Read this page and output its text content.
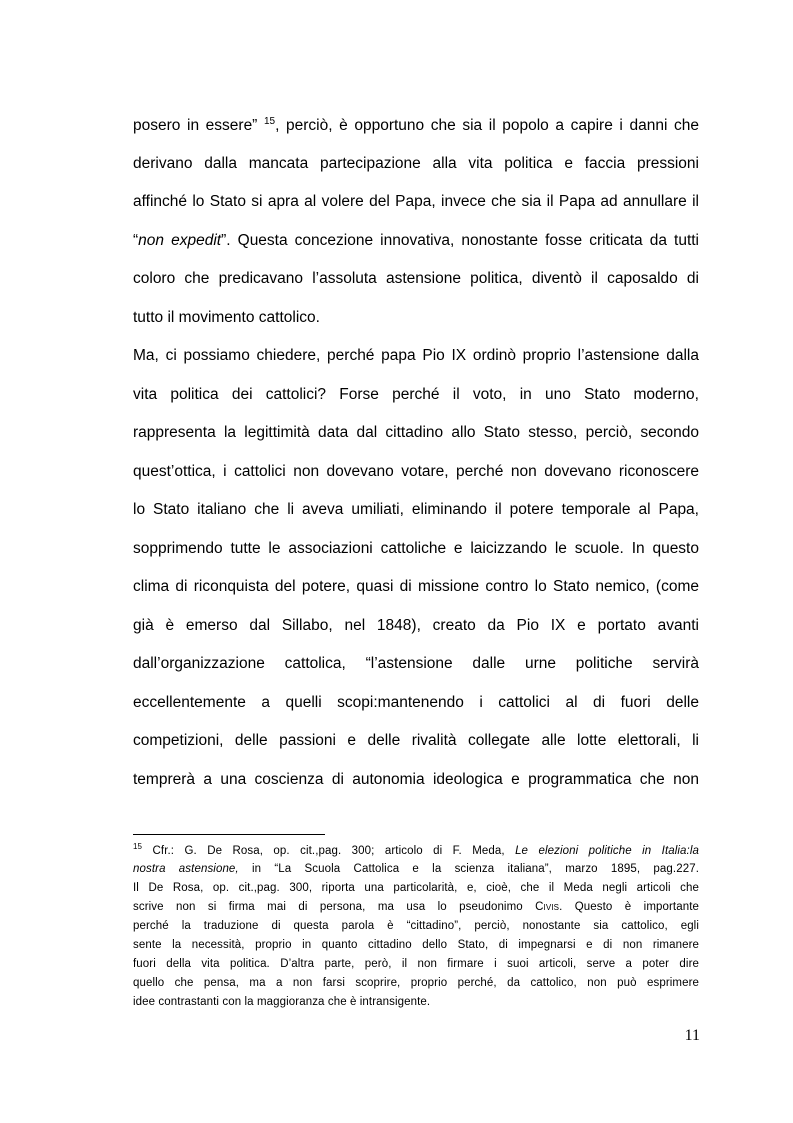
posero in essere” $^{15}$, perciò, è opportuno che sia il popolo a capire i danni che
derivano dalla mancata partecipazione alla vita politica e faccia pressioni
affinché lo Stato si apra al volere del Papa, invece che sia il Papa ad annullare il
“non expedit”. Questa concezione innovativa, nonostante fosse criticata da tutti
coloro che predicavano l’assoluta astensione politica, diventò il caposaldo di
tutto il movimento cattolico.
Ma, ci possiamo chiedere, perché papa Pio IX ordinò proprio l’astensione dalla
vita politica dei cattolici? Forse perché il voto, in uno Stato moderno,
rappresenta la legittimità data dal cittadino allo Stato stesso, perciò, secondo
quest’ottica, i cattolici non dovevano votare, perché non dovevano riconoscere
lo Stato italiano che li aveva umiliati, eliminando il potere temporale al Papa,
sopprimendo tutte le associazioni cattoliche e laicizzando le scuole. In questo
clima di riconquista del potere, quasi di missione contro lo Stato nemico, (come
già è emerso dal Sillabo, nel 1848), creato da Pio IX e portato avanti
dall’organizzazione cattolica, “l’astensione dalle urne politiche servirà
eccellentemente a quelli scopi:mantenendo i cattolici al di fuori delle
competizioni, delle passioni e delle rivalità collegate alle lotte elettorali, li
temprerà a una coscienza di autonomia ideologica e programmatica che non
$^{15}$ Cfr.: G. De Rosa, op. cit.,pag. 300; articolo di F. Meda, Le elezioni politiche in Italia:la
nostra astensione, in “La Scuola Cattolica e la scienza italiana”, marzo 1895, pag.227.
Il De Rosa, op. cit.,pag. 300, riporta una particolarità, e, cioè, che il Meda negli articoli che
scrive non si firma mai di persona, ma usa lo pseudonimo Civis. Questo è importante
perché la traduzione di questa parola è “cittadino”, perciò, nonostante sia cattolico, egli
sente la necessità, proprio in quanto cittadino dello Stato, di impegnarsi e di non rimanere
fuori della vita politica. D’altra parte, però, il non firmare i suoi articoli, serve a poter dire
quello che pensa, ma a non farsi scoprire, proprio perché, da cattolico, non può esprimere
idee contrastanti con la maggioranza che è intransigente.
11
